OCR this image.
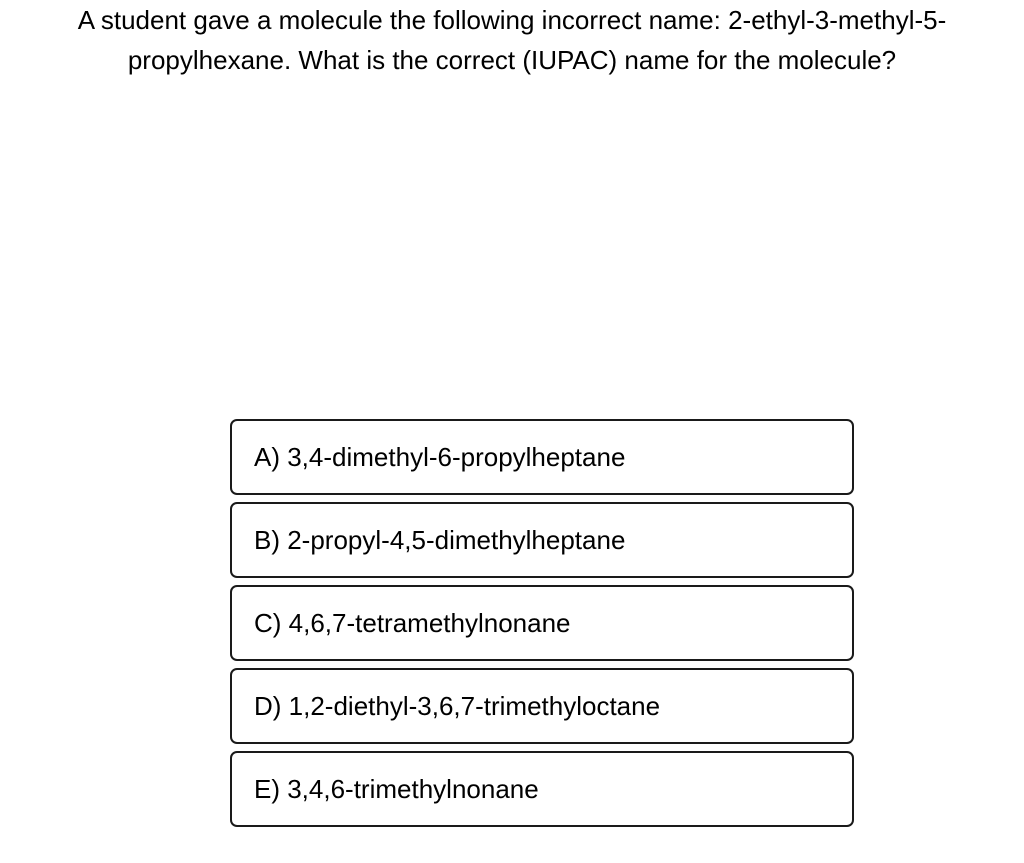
A student gave a molecule the following incorrect name: 2-ethyl-3-methyl-5-
propylhexane. What is the correct (IUPAC) name for the molecule?
A) 3,4-dimethyl-6-propylheptane
B) 2-propyl-4,5-dimethylheptane
C) 4,6,7-tetramethylnonane
D) 1,2-diethyl-3,6,7-trimethyloctane
E) 3,4,6-trimethylnonane
